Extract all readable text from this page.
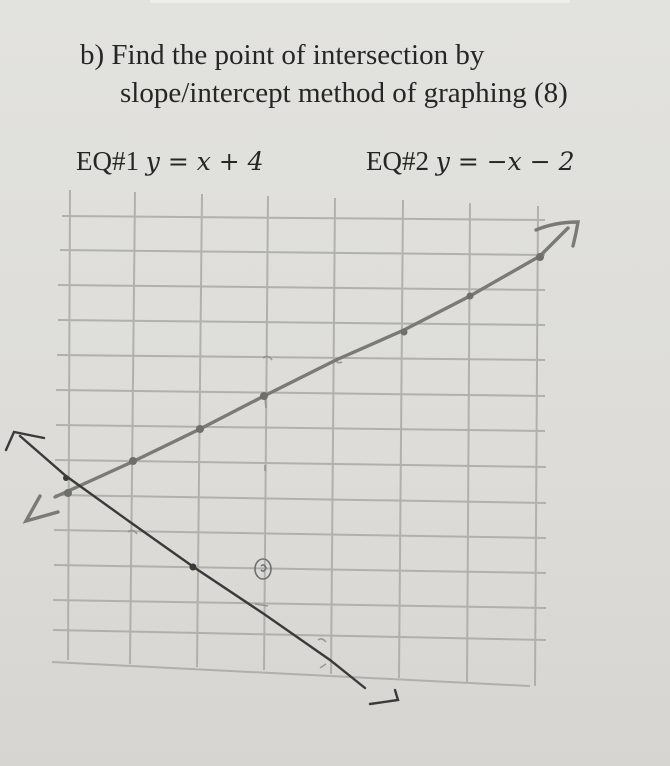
b) Find the point of intersection by
slope/intercept method of graphing (8)
EQ#1 y = x + 4	EQ#2 y = −x − 2
